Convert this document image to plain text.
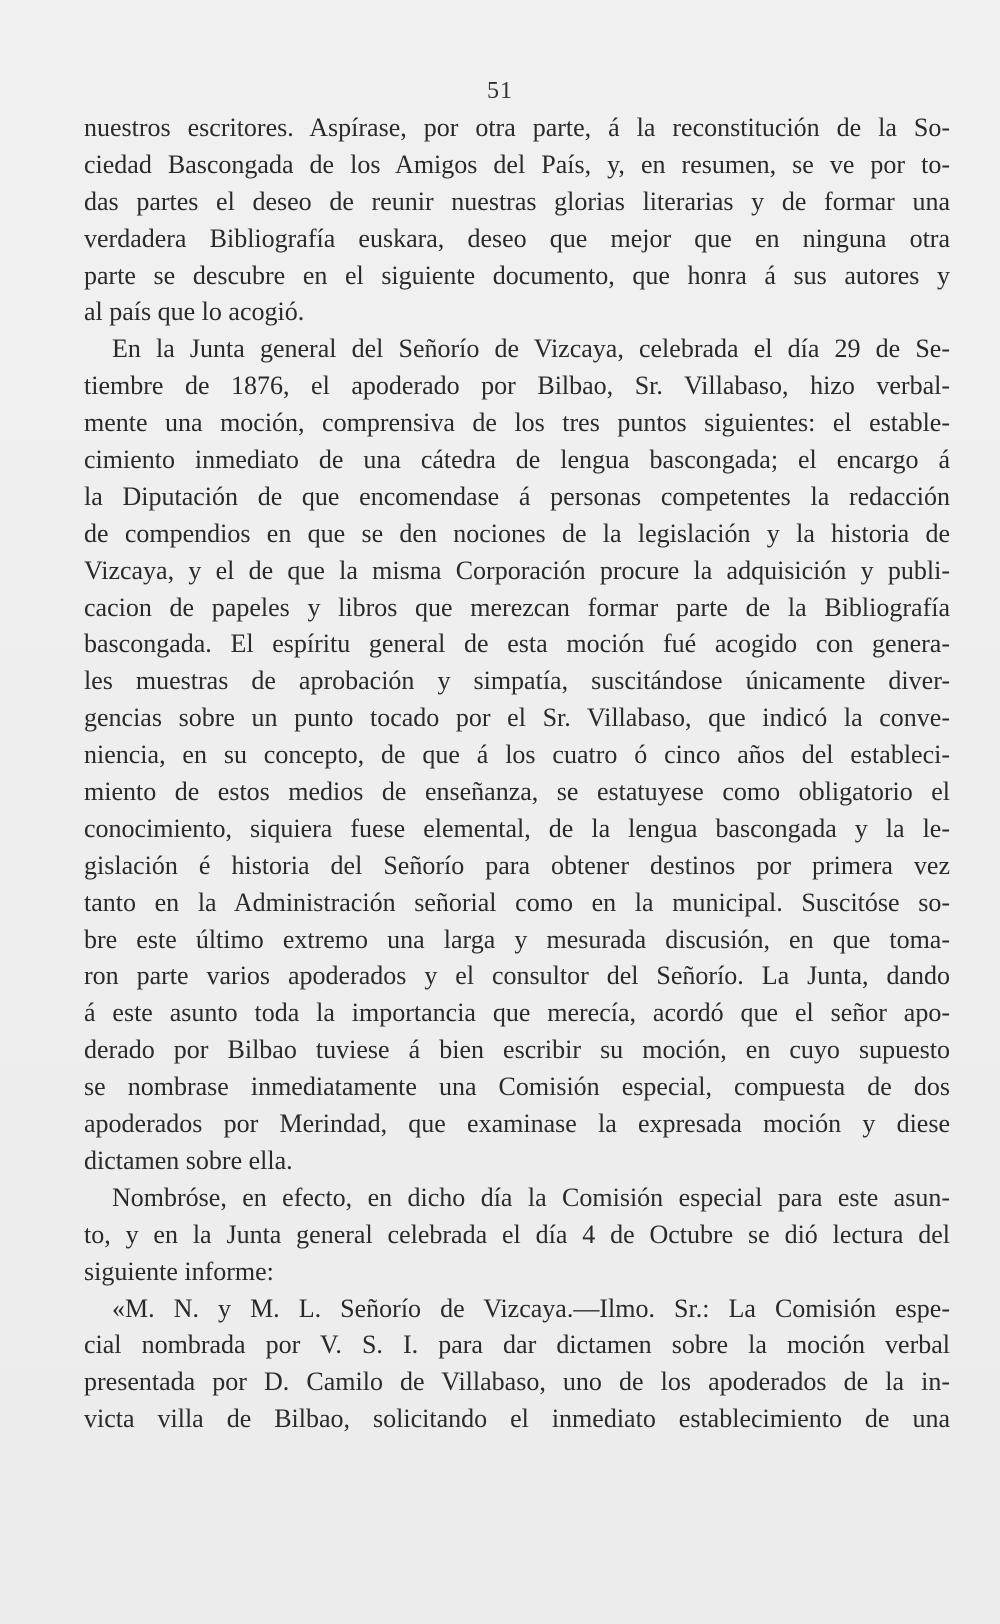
51
nuestros escritores. Aspírase, por otra parte, á la reconstitución de la So-
ciedad Bascongada de los Amigos del País, y, en resumen, se ve por to-
das partes el deseo de reunir nuestras glorias literarias y de formar una
verdadera Bibliografía euskara, deseo que mejor que en ninguna otra
parte se descubre en el siguiente documento, que honra á sus autores y
al país que lo acogió.
En la Junta general del Señorío de Vizcaya, celebrada el día 29 de Se-
tiembre de 1876, el apoderado por Bilbao, Sr. Villabaso, hizo verbal-
mente una moción, comprensiva de los tres puntos siguientes: el estable-
cimiento inmediato de una cátedra de lengua bascongada; el encargo á
la Diputación de que encomendase á personas competentes la redacción
de compendios en que se den nociones de la legislación y la historia de
Vizcaya, y el de que la misma Corporación procure la adquisición y publi-
cacion de papeles y libros que merezcan formar parte de la Bibliografía
bascongada. El espíritu general de esta moción fué acogido con genera-
les muestras de aprobación y simpatía, suscitándose únicamente diver-
gencias sobre un punto tocado por el Sr. Villabaso, que indicó la conve-
niencia, en su concepto, de que á los cuatro ó cinco años del estableci-
miento de estos medios de enseñanza, se estatuyese como obligatorio el
conocimiento, siquiera fuese elemental, de la lengua bascongada y la le-
gislación é historia del Señorío para obtener destinos por primera vez
tanto en la Administración señorial como en la municipal. Suscitóse so-
bre este último extremo una larga y mesurada discusión, en que toma-
ron parte varios apoderados y el consultor del Señorío. La Junta, dando
á este asunto toda la importancia que merecía, acordó que el señor apo-
derado por Bilbao tuviese á bien escribir su moción, en cuyo supuesto
se nombrase inmediatamente una Comisión especial, compuesta de dos
apoderados por Merindad, que examinase la expresada moción y diese
dictamen sobre ella.
Nombróse, en efecto, en dicho día la Comisión especial para este asun-
to, y en la Junta general celebrada el día 4 de Octubre se dió lectura del
siguiente informe:
«M. N. y M. L. Señorío de Vizcaya.—Ilmo. Sr.: La Comisión espe-
cial nombrada por V. S. I. para dar dictamen sobre la moción verbal
presentada por D. Camilo de Villabaso, uno de los apoderados de la in-
victa villa de Bilbao, solicitando el inmediato establecimiento de una
